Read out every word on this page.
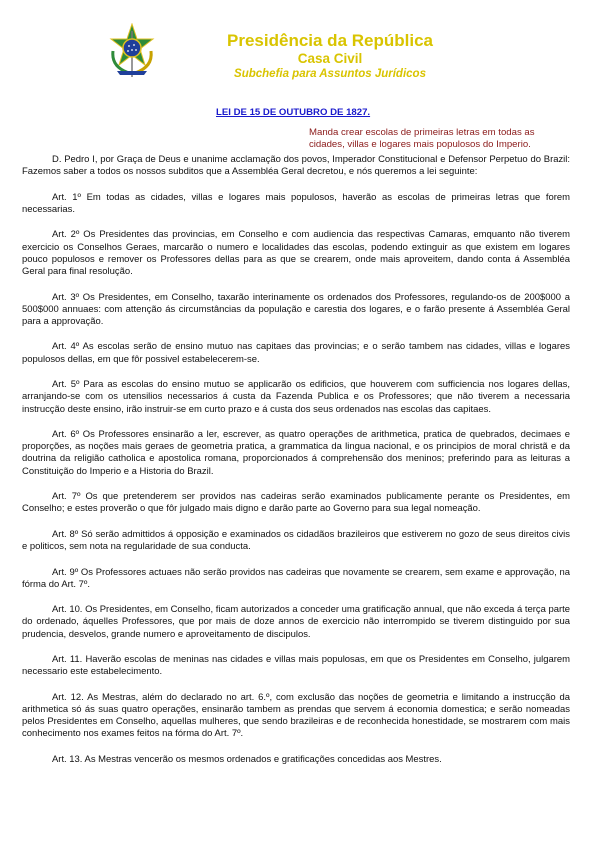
Presidência da República
Casa Civil
Subchefia para Assuntos Jurídicos
LEI DE 15 DE OUTUBRO DE 1827.
Manda crear escolas de primeiras letras em todas as cidades, villas e logares mais populosos do Imperio.

D. Pedro I, por Graça de Deus e unanime acclamação dos povos, Imperador Constitucional e Defensor Perpetuo do Brazil: Fazemos saber a todos os nossos subditos que a Assembléa Geral decretou, e nós queremos a lei seguinte:

Art. 1º Em todas as cidades, villas e logares mais populosos, haverão as escolas de primeiras letras que forem necessarias.

Art. 2º Os Presidentes das provincias, em Conselho e com audiencia das respectivas Camaras, emquanto não tiverem exercicio os Conselhos Geraes, marcarão o numero e localidades das escolas, podendo extinguir as que existem em logares pouco populosos e remover os Professores dellas para as que se crearem, onde mais aproveitem, dando conta á Assembléa Geral para final resolução.

Art. 3º Os Presidentes, em Conselho, taxarão interinamente os ordenados dos Professores, regulando-os de 200$000 a 500$000 annuaes: com attenção ás circumstâncias da população e carestia dos logares, e o farão presente á Assembléa Geral para a approvação.

Art. 4º As escolas serão de ensino mutuo nas capitaes das provincias; e o serão tambem nas cidades, villas e logares populosos dellas, em que fôr possivel estabelecerem-se.

Art. 5º Para as escolas do ensino mutuo se applicarão os edificios, que houverem com sufficiencia nos logares dellas, arranjando-se com os utensilios necessarios á custa da Fazenda Publica e os Professores; que não tiverem a necessaria instrucção deste ensino, irão instruir-se em curto prazo e á custa dos seus ordenados nas escolas das capitaes.

Art. 6º Os Professores ensinarão a ler, escrever, as quatro operações de arithmetica, pratica de quebrados, decimaes e proporções, as noções mais geraes de geometria pratica, a grammatica da lingua nacional, e os principios de moral christã e da doutrina da religião catholica e apostolica romana, proporcionados á comprehensão dos meninos; preferindo para as leituras a Constituição do Imperio e a Historia do Brazil.

Art. 7º Os que pretenderem ser providos nas cadeiras serão examinados publicamente perante os Presidentes, em Conselho; e estes proverão o que fôr julgado mais digno e darão parte ao Governo para sua legal nomeação.

Art. 8º Só serão admittidos á opposição e examinados os cidadãos brazileiros que estiverem no gozo de seus direitos civis e politicos, sem nota na regularidade de sua conducta.

Art. 9º Os Professores actuaes não serão providos nas cadeiras que novamente se crearem, sem exame e approvação, na fórma do Art. 7º.

Art. 10. Os Presidentes, em Conselho, ficam autorizados a conceder uma gratificação annual, que não exceda á terça parte do ordenado, áquelles Professores, que por mais de doze annos de exercicio não interrompido se tiverem distinguido por sua prudencia, desvelos, grande numero e aproveitamento de discipulos.

Art. 11. Haverão escolas de meninas nas cidades e villas mais populosas, em que os Presidentes em Conselho, julgarem necessario este estabelecimento.

Art. 12. As Mestras, além do declarado no art. 6.º, com exclusão das noções de geometria e limitando a instrucção da arithmetica só ás suas quatro operações, ensinarão tambem as prendas que servem á economia domestica; e serão nomeadas pelos Presidentes em Conselho, aquellas mulheres, que sendo brazileiras e de reconhecida honestidade, se mostrarem com mais conhecimento nos exames feitos na fórma do Art. 7º.

Art. 13. As Mestras vencerão os mesmos ordenados e gratificações concedidas aos Mestres.
